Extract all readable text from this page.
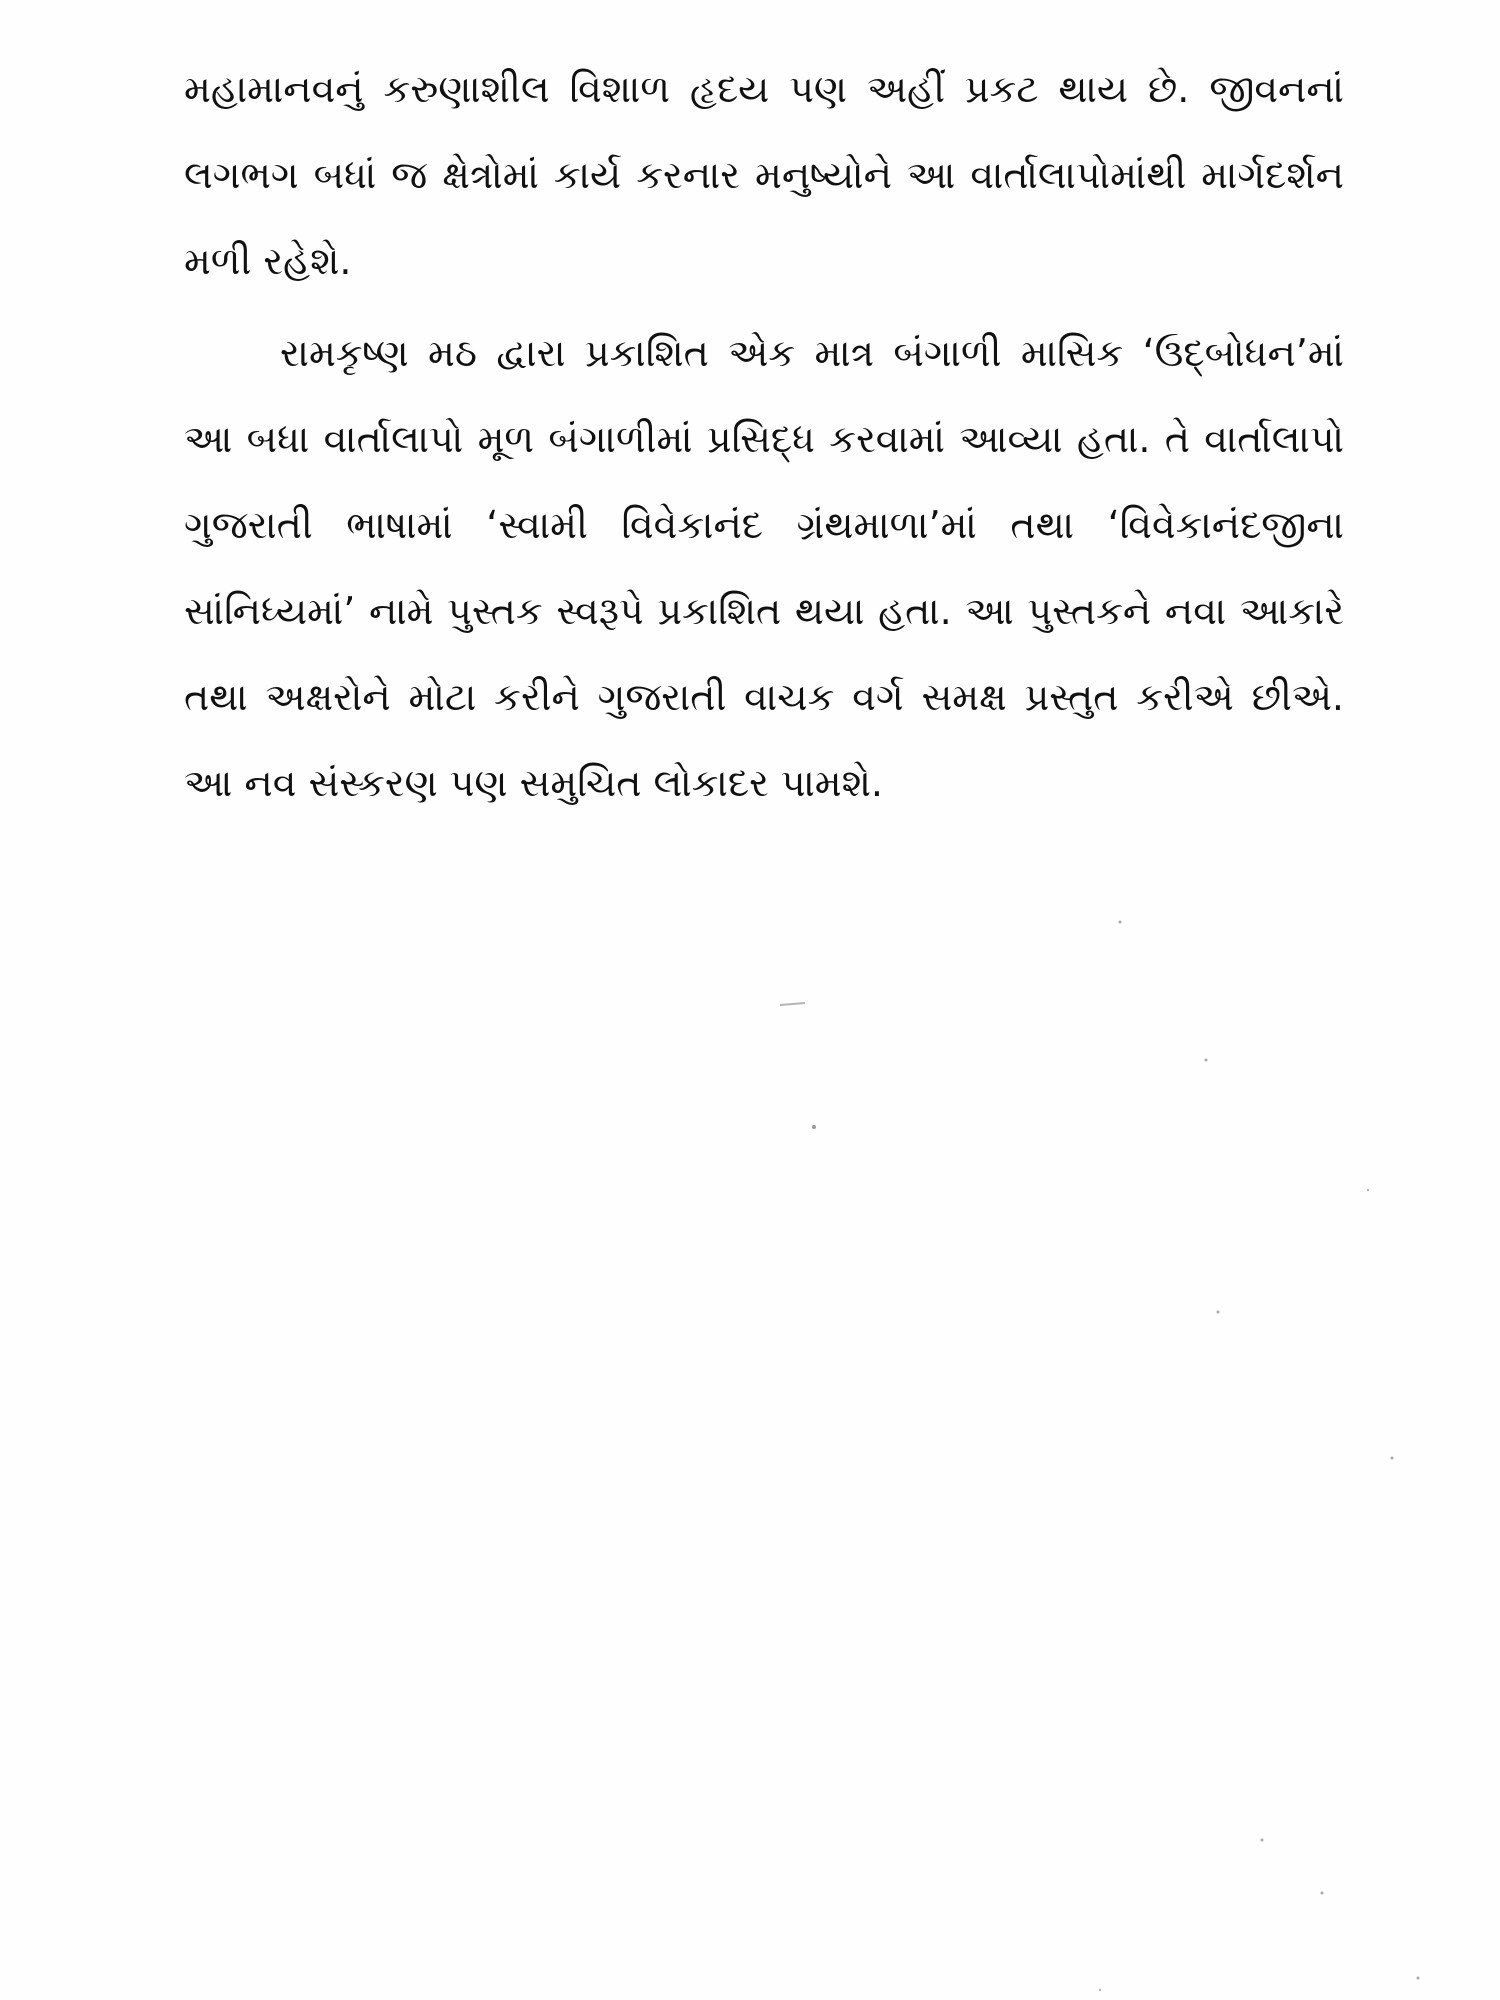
મહામાનવનું કરુણાશીલ વિશાળ હૃદય પણ અહીં પ્રકટ થાય છે. જીવનનાં લગભગ બધાં જ ક્ષેત્રોમાં કાર્ય કરનાર મનુષ્યોને આ વાર્તાલાપોમાંથી માર્ગદર્શન મળી રહેશે.

રામકૃષ્ણ મઠ દ્વારા પ્રકાશિત એક માત્ર બંગાળી માસિક ‘ઉદ્‌બોધન’માં આ બધા વાર્તાલાપો મૂળ બંગાળીમાં પ્રસિદ્ધ કરવામાં આવ્યા હતા. તે વાર્તાલાપો ગુજરાતી ભાષામાં ‘સ્વામી વિવેકાનંદ ગ્રંથમાળા’માં તથા ‘વિવેકાનંદજીના સાંનિધ્યમાં’ નામે પુસ્તક સ્વરૂપે પ્રકાશિત થયા હતા. આ પુસ્તકને નવા આકારે તથા અક્ષરોને મોટા કરીને ગુજરાતી વાચક વર્ગ સમક્ષ પ્રસ્તુત કરીએ છીએ. આ નવ સંસ્કરણ પણ સમુચિત લોકાદર પામશે.
